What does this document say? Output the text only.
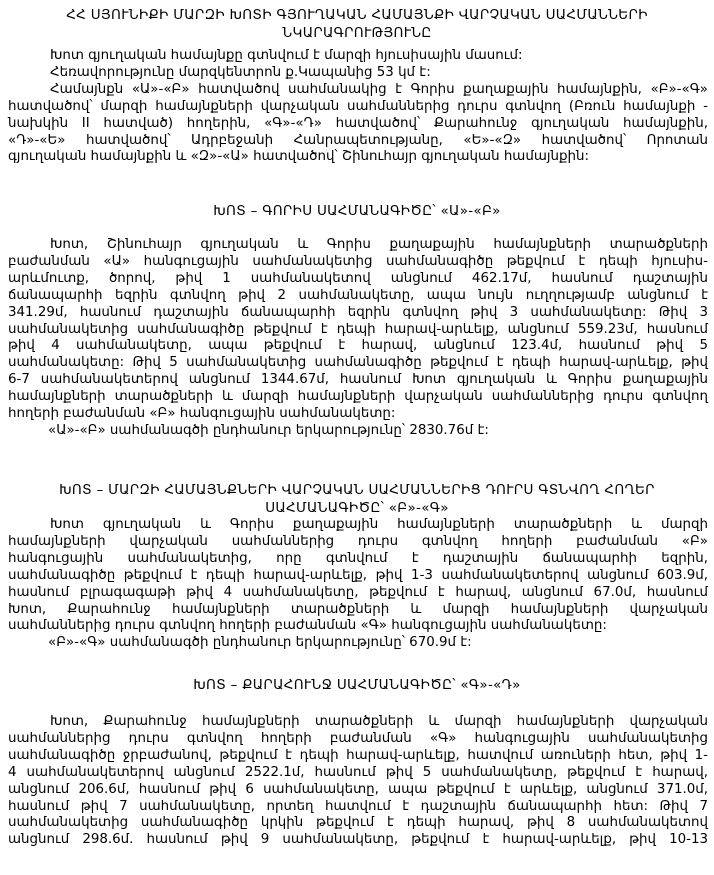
ՀՀ ՍՅՈՒՆԻՔԻ ՄԱՐԶԻ ԽՈՏԻ ԳՅՈՒՂԱԿԱՆ ՀԱՄԱՅՆՔԻ ՎԱՐՉԱԿԱՆ ՍԱՀՄԱՆՆԵՐԻ
ՆԿԱՐԱԳՐՈՒԹՅՈՒՆԸ
Խոտ գյուղական համայնքը գտնվում է մարզի հյուսիսային մասում:
Հեռավորությունը մարզկենտրոն ք.Կապանից 53 կմ է:
Համայնքն «Ա»-«Բ» հատվածով սահմանակից է Գորիս քաղաքային համայնքին, «Բ»-«Գ»
հատվածով՝ մարզի համայնքների վարչական սահմաններից դուրս գտնվող (Բռուն համայնքի -
նախկին II հատված) հողերին, «Գ»-«Դ» հատվածով՝ Քարահունջ գյուղական համայնքին,
«Դ»-«Ե» հատվածով՝ Ադրբեջանի Հանրապետությանը, «Ե»-«Զ» հատվածով՝ Որոտան
գյուղական համայնքին և «Զ»-«Ա» հատվածով՝ Շինուհայր գյուղական համայնքին:
ԽՈՏ – ԳՈՐԻՍ ՍԱՀՄԱՆԱԳԻԾԸ՝ «Ա»-«Բ»
Խոտ, Շինուհայր գյուղական և Գորիս քաղաքային համայնքների տարածքների
բաժանման «Ա» հանգուցային սահմանակետից սահմանագիծը թեքվում է դեպի հյուսիս-
արևմուտք, ծորով, թիվ 1 սահմանակետով անցնում 462.17մ, հասնում դաշտային
ճանապարհի եզրին գտնվող թիվ 2 սահմանակետը, ապա նույն ուղղությամբ անցնում է
341.29մ, հասնում դաշտային ճանապարհի եզրին գտնվող թիվ 3 սահմանակետը: Թիվ 3
սահմանակետից սահմանագիծը թեքվում է դեպի հարավ-արևելք, անցնում 559.23մ, հասնում
թիվ 4 սահմանակետը, ապա թեքվում է հարավ, անցնում 123.4մ, հասնում թիվ 5
սահմանակետը: Թիվ 5 սահմանակետից սահմանագիծը թեքվում է դեպի հարավ-արևելք, թիվ
6-7 սահմանակետերով անցնում 1344.67մ, հասնում Խոտ գյուղական և Գորիս քաղաքային
համայնքների տարածքների և մարզի համայնքների վարչական սահմաններից դուրս գտնվող
հողերի բաժանման «Բ» հանգուցային սահմանակետը:
«Ա»-«Բ» սահմանագծի ընդհանուր երկարությունը՝ 2830.76մ է:
ԽՈՏ – ՄԱՐԶԻ ՀԱՄԱՅՆՔՆԵՐԻ ՎԱՐՉԱԿԱՆ ՍԱՀՄԱՆՆԵՐԻՑ ԴՈՒՐՍ ԳՏՆՎՈՂ ՀՈՂԵՐ
ՍԱՀՄԱՆԱԳԻԾԸ՝ «Բ»-«Գ»
Խոտ գյուղական և Գորիս քաղաքային համայնքների տարածքների և մարզի
համայնքների վարչական սահմաններից դուրս գտնվող հողերի բաժանման «Բ»
հանգուցային սահմանակետից, որը գտնվում է դաշտային ճանապարհի եզրին,
սահմանագիծը թեքվում է դեպի հարավ-արևելք, թիվ 1-3 սահմանակետերով անցնում 603.9մ,
հասնում բլրագագաթի թիվ 4 սահմանակետը, թեքվում է հարավ, անցնում 67.0մ, հասնում
Խոտ, Քարահունջ համայնքների տարածքների և մարզի համայնքների վարչական
սահմաններից դուրս գտնվող հողերի բաժանման «Գ» հանգուցային սահմանակետը:
«Բ»-«Գ» սահմանագծի ընդհանուր երկարությունը՝ 670.9մ է:
ԽՈՏ – ՔԱՐԱՀՈՒՆՋ ՍԱՀՄԱՆԱԳԻԾԸ՝ «Գ»-«Դ»
Խոտ, Քարահունջ համայնքների տարածքների և մարզի համայնքների վարչական
սահմաններից դուրս գտնվող հողերի բաժանման «Գ» հանգուցային սահմանակետից
սահմանագիծը ջրբաժանով, թեքվում է դեպի հարավ-արևելք, հատվում առուների հետ, թիվ 1-
4 սահմանակետերով անցնում 2522.1մ, հասնում թիվ 5 սահմանակետը, թեքվում է հարավ,
անցնում 206.6մ, հասնում թիվ 6 սահմանակետը, ապա թեքվում է արևելք, անցնում 371.0մ,
հասնում թիվ 7 սահմանակետը, որտեղ հատվում է դաշտային ճանապարհի հետ: Թիվ 7
սահմանակետից սահմանագիծը կրկին թեքվում է դեպի հարավ, թիվ 8 սահմանակետով
անցնում 298.6մ. հասնում թիվ 9 սահմանակետը, թեքվում է հարավ-արևելք, թիվ 10-13
